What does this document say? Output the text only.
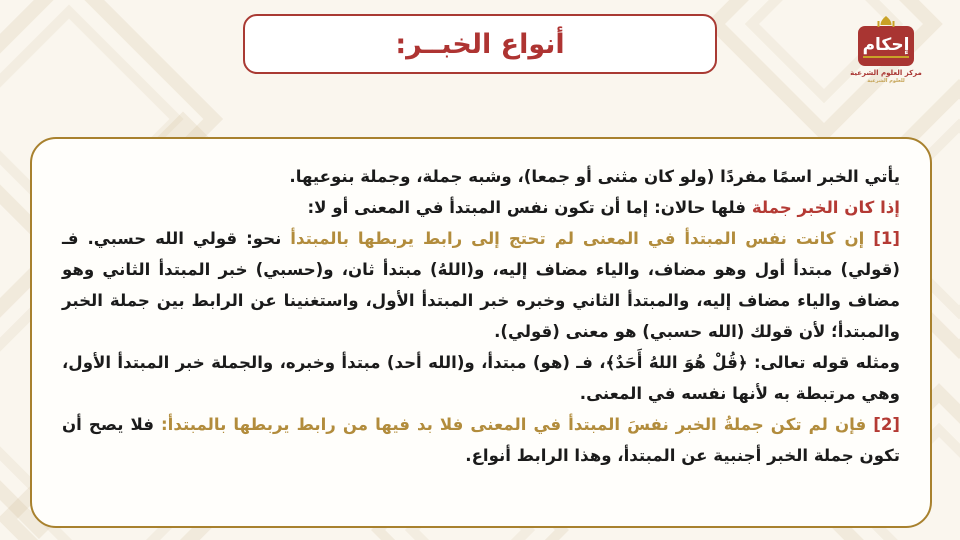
أنواع الخبــر:	إحكام
مركز العلوم الشرعية
للعلوم الشرعية

يأتي الخبر اسمًا مفردًا (ولو كان مثنى أو جمعا)، وشبه جملة، وجملة بنوعيها.

إذا كان الخبر جملة فلها حالان: إما أن تكون نفس المبتدأ في المعنى أو لا:

[1] إن كانت نفس المبتدأ في المعنى لم تحتج إلى رابط يربطها بالمبتدأ نحو: قولي الله حسبي. فـ (قولي) مبتدأ أول وهو مضاف، والياء مضاف إليه، و(اللهُ) مبتدأ ثان، و(حسبي) خبر المبتدأ الثاني وهو مضاف والياء مضاف إليه، والمبتدأ الثاني وخبره خبر المبتدأ الأول، واستغنينا عن الرابط بين جملة الخبر والمبتدأ؛ لأن قولك (الله حسبي) هو معنى (قولي).

ومثله قوله تعالى: ﴿قُلْ هُوَ اللهُ أَحَدٌ﴾، فـ (هو) مبتدأ، و(الله أحد) مبتدأ وخبره، والجملة خبر المبتدأ الأول، وهي مرتبطة به لأنها نفسه في المعنى.

[2] فإن لم تكن جملةُ الخبر نفسَ المبتدأ في المعنى فلا بد فيها من رابط يربطها بالمبتدأ: فلا يصح أن تكون جملة الخبر أجنبية عن المبتدأ، وهذا الرابط أنواع.
